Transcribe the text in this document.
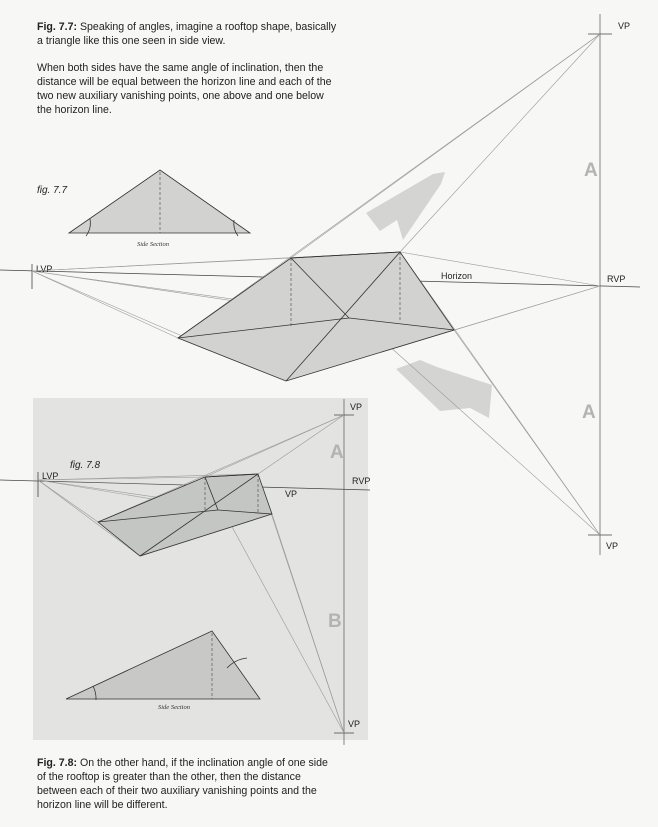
Fig. 7.7: Speaking of angles, imagine a rooftop shape, basically a triangle like this one seen in side view.

When both sides have the same angle of inclination, then the distance will be equal between the horizon line and each of the two new auxiliary vanishing points, one above and one below the horizon line.

Fig. 7.8: On the other hand, if the inclination angle of one side of the rooftop is greater than the other, then the distance between each of their two auxiliary vanishing points and the horizon line will be different.

Side Section
fig. 7.7
Horizon
LVP
RVP
VP
VP
A
A
Side Section
fig. 7.8
LVP	RVP
VP
VP
VP
A
B
